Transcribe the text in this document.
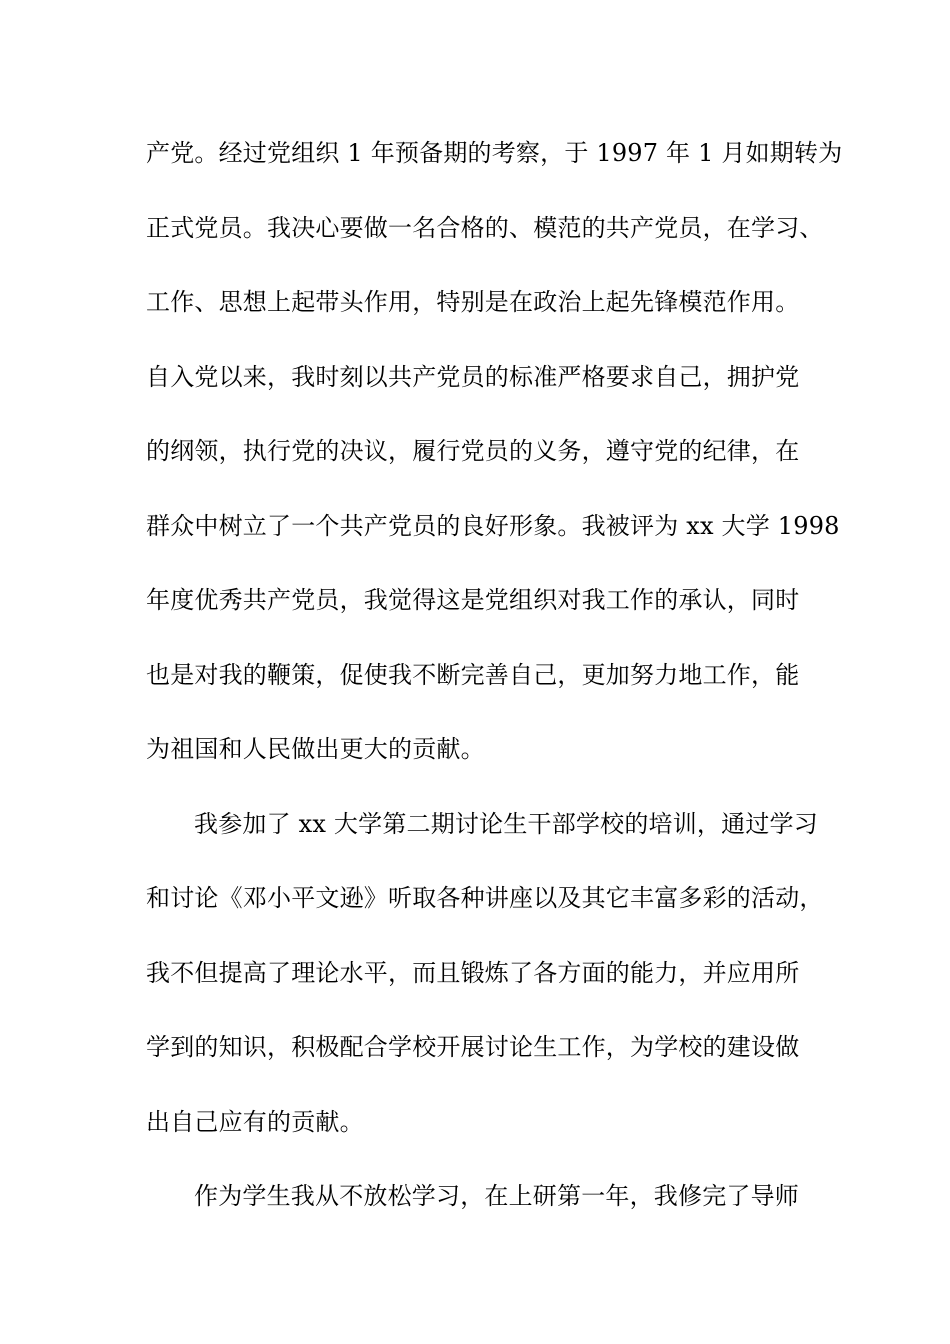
产党。经过党组织 1 年预备期的考察，于 1997 年 1 月如期转为
正式党员。我决心要做一名合格的、模范的共产党员，在学习、
工作、思想上起带头作用，特别是在政治上起先锋模范作用。
自入党以来，我时刻以共产党员的标准严格要求自己，拥护党
的纲领，执行党的决议，履行党员的义务，遵守党的纪律，在
群众中树立了一个共产党员的良好形象。我被评为 xx 大学 1998
年度优秀共产党员，我觉得这是党组织对我工作的承认，同时
也是对我的鞭策，促使我不断完善自己，更加努力地工作，能
为祖国和人民做出更大的贡献。
我参加了 xx 大学第二期讨论生干部学校的培训，通过学习
和讨论《邓小平文逊》听取各种讲座以及其它丰富多彩的活动，
我不但提高了理论水平，而且锻炼了各方面的能力，并应用所
学到的知识，积极配合学校开展讨论生工作，为学校的建设做
出自己应有的贡献。
作为学生我从不放松学习，在上研第一年，我修完了导师
